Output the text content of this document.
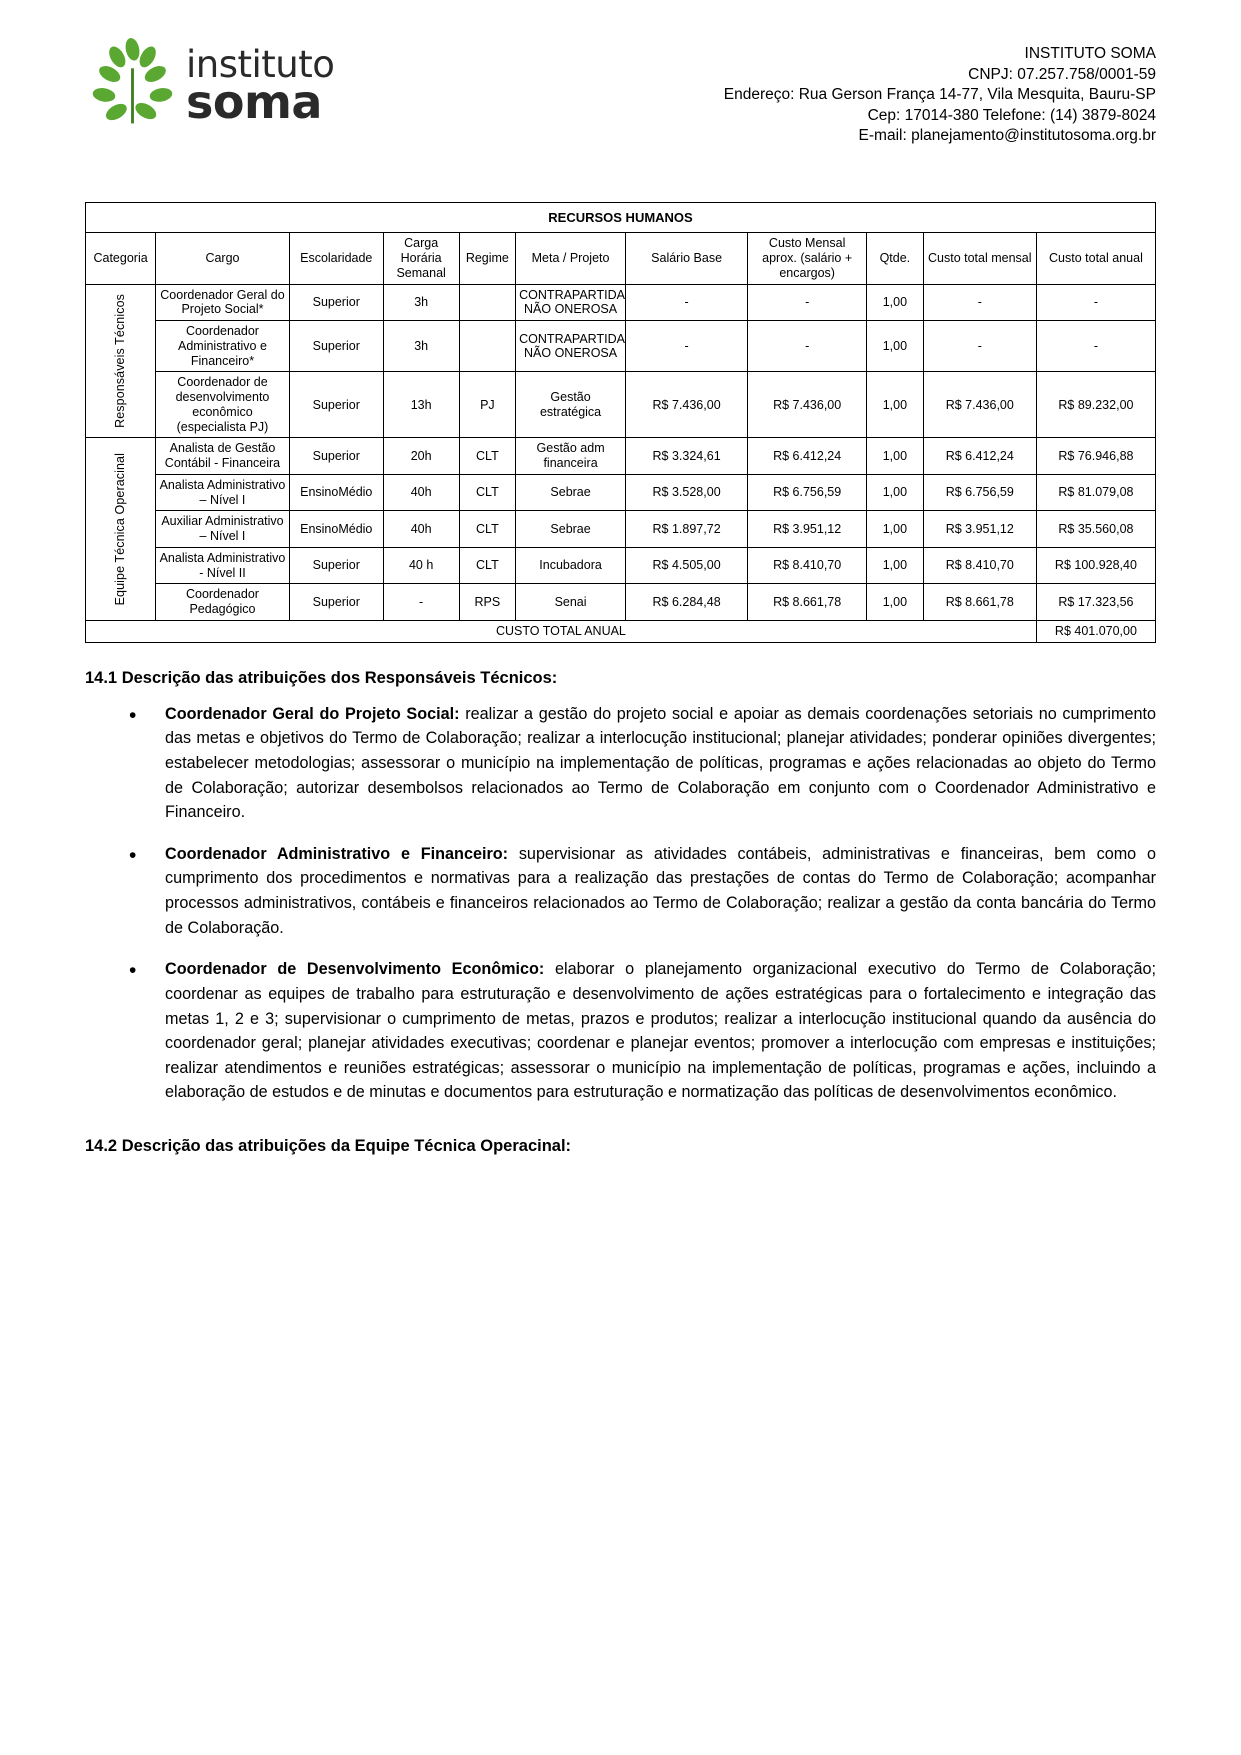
instituto
soma
INSTITUTO SOMA
CNPJ: 07.257.758/0001-59
Endereço: Rua Gerson França 14-77, Vila Mesquita, Bauru-SP
Cep: 17014-380 Telefone: (14) 3879-8024
E-mail: planejamento@institutosoma.org.br
RECURSOS HUMANOS										
Categoria	Cargo	Escolaridade	Carga Horária Semanal	Regime	Meta / Projeto	Salário Base	Custo Mensal aprox. (salário + encargos)	Qtde.	Custo total mensal	Custo total anual

Responsáveis Técnicos	Coordenador Geral do Projeto Social*	Superior	3h		CONTRAPARTIDA NÃO ONEROSA	-	-	1,00	-	-
	Coordenador Administrativo e Financeiro*	Superior	3h		CONTRAPARTIDA NÃO ONEROSA	-	-	1,00	-	-
	Coordenador de desenvolvimento econômico (especialista PJ)	Superior	13h	PJ	Gestão estratégica	R$ 7.436,00	R$ 7.436,00	1,00	R$ 7.436,00	R$ 89.232,00

Equipe Técnica Operacinal	Analista de Gestão Contábil - Financeira	Superior	20h	CLT	Gestão adm financeira	R$ 3.324,61	R$ 6.412,24	1,00	R$ 6.412,24	R$ 76.946,88
	Analista Administrativo – Nível I	EnsinoMédio	40h	CLT	Sebrae	R$ 3.528,00	R$ 6.756,59	1,00	R$ 6.756,59	R$ 81.079,08
	Auxiliar Administrativo – Nível I	EnsinoMédio	40h	CLT	Sebrae	R$ 1.897,72	R$ 3.951,12	1,00	R$ 3.951,12	R$ 35.560,08
	Analista Administrativo - Nível II	Superior	40 h	CLT	Incubadora	R$ 4.505,00	R$ 8.410,70	1,00	R$ 8.410,70	R$ 100.928,40
	Coordenador Pedagógico	Superior	-	RPS	Senai	R$ 6.284,48	R$ 8.661,78	1,00	R$ 8.661,78	R$ 17.323,56
CUSTO TOTAL ANUAL										R$ 401.070,00
14.1 Descrição das atribuições dos Responsáveis Técnicos:
• Coordenador Geral do Projeto Social: realizar a gestão do projeto social e apoiar as demais coordenações setoriais no cumprimento das metas e objetivos do Termo de Colaboração; realizar a interlocução institucional; planejar atividades; ponderar opiniões divergentes; estabelecer metodologias; assessorar o município na implementação de políticas, programas e ações relacionadas ao objeto do Termo de Colaboração; autorizar desembolsos relacionados ao Termo de Colaboração em conjunto com o Coordenador Administrativo e Financeiro.
• Coordenador Administrativo e Financeiro: supervisionar as atividades contábeis, administrativas e financeiras, bem como o cumprimento dos procedimentos e normativas para a realização das prestações de contas do Termo de Colaboração; acompanhar processos administrativos, contábeis e financeiros relacionados ao Termo de Colaboração; realizar a gestão da conta bancária do Termo de Colaboração.
• Coordenador de Desenvolvimento Econômico: elaborar o planejamento organizacional executivo do Termo de Colaboração; coordenar as equipes de trabalho para estruturação e desenvolvimento de ações estratégicas para o fortalecimento e integração das metas 1, 2 e 3; supervisionar o cumprimento de metas, prazos e produtos; realizar a interlocução institucional quando da ausência do coordenador geral; planejar atividades executivas; coordenar e planejar eventos; promover a interlocução com empresas e instituições; realizar atendimentos e reuniões estratégicas; assessorar o município na implementação de políticas, programas e ações, incluindo a elaboração de estudos e de minutas e documentos para estruturação e normatização das políticas de desenvolvimentos econômico.
14.2 Descrição das atribuições da Equipe Técnica Operacinal:
